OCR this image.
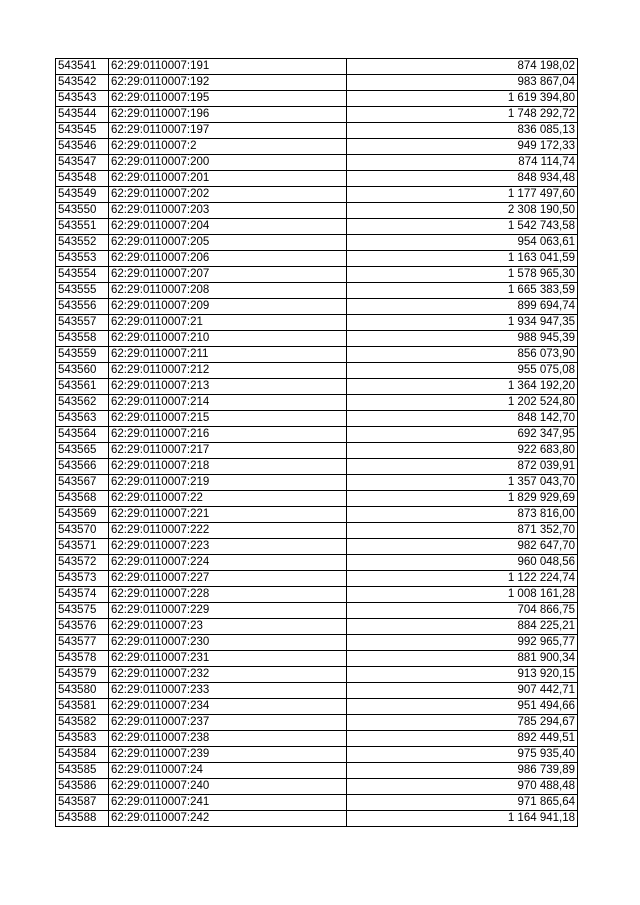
543541	62:29:0110007:191	874 198,02
543542	62:29:0110007:192	983 867,04
543543	62:29:0110007:195	1 619 394,80
543544	62:29:0110007:196	1 748 292,72
543545	62:29:0110007:197	836 085,13
543546	62:29:0110007:2	949 172,33
543547	62:29:0110007:200	874 114,74
543548	62:29:0110007:201	848 934,48
543549	62:29:0110007:202	1 177 497,60
543550	62:29:0110007:203	2 308 190,50
543551	62:29:0110007:204	1 542 743,58
543552	62:29:0110007:205	954 063,61
543553	62:29:0110007:206	1 163 041,59
543554	62:29:0110007:207	1 578 965,30
543555	62:29:0110007:208	1 665 383,59
543556	62:29:0110007:209	899 694,74
543557	62:29:0110007:21	1 934 947,35
543558	62:29:0110007:210	988 945,39
543559	62:29:0110007:211	856 073,90
543560	62:29:0110007:212	955 075,08
543561	62:29:0110007:213	1 364 192,20
543562	62:29:0110007:214	1 202 524,80
543563	62:29:0110007:215	848 142,70
543564	62:29:0110007:216	692 347,95
543565	62:29:0110007:217	922 683,80
543566	62:29:0110007:218	872 039,91
543567	62:29:0110007:219	1 357 043,70
543568	62:29:0110007:22	1 829 929,69
543569	62:29:0110007:221	873 816,00
543570	62:29:0110007:222	871 352,70
543571	62:29:0110007:223	982 647,70
543572	62:29:0110007:224	960 048,56
543573	62:29:0110007:227	1 122 224,74
543574	62:29:0110007:228	1 008 161,28
543575	62:29:0110007:229	704 866,75
543576	62:29:0110007:23	884 225,21
543577	62:29:0110007:230	992 965,77
543578	62:29:0110007:231	881 900,34
543579	62:29:0110007:232	913 920,15
543580	62:29:0110007:233	907 442,71
543581	62:29:0110007:234	951 494,66
543582	62:29:0110007:237	785 294,67
543583	62:29:0110007:238	892 449,51
543584	62:29:0110007:239	975 935,40
543585	62:29:0110007:24	986 739,89
543586	62:29:0110007:240	970 488,48
543587	62:29:0110007:241	971 865,64
543588	62:29:0110007:242	1 164 941,18
